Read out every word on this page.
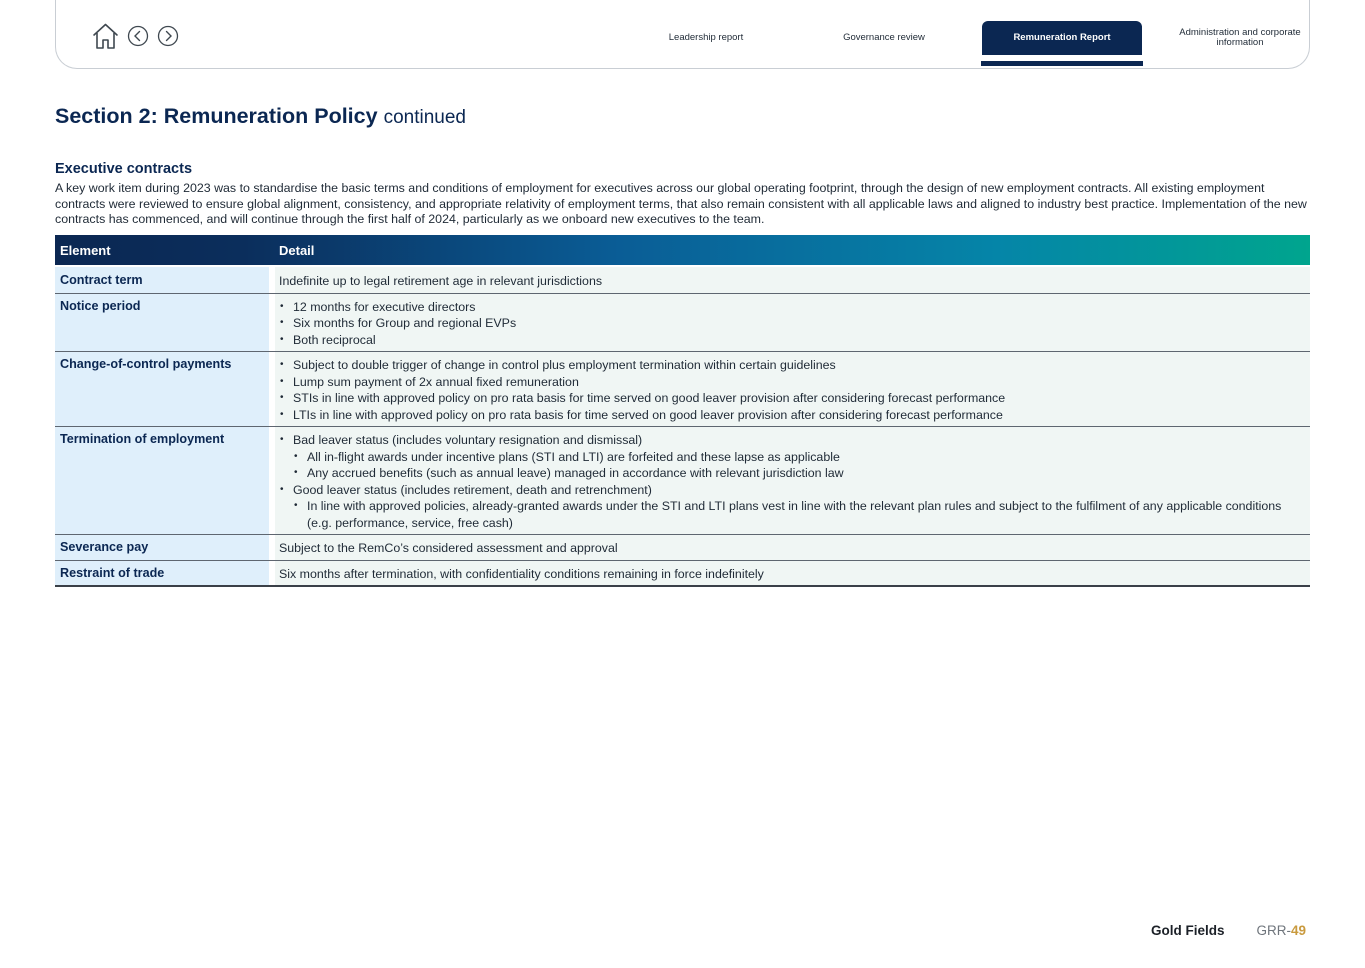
Leadership report	Governance review	Remuneration Report	Administration and corporate information
Section 2: Remuneration Policy continued
Executive contracts

A key work item during 2023 was to standardise the basic terms and conditions of employment for executives across our global operating footprint, through the design of new employment contracts. All existing employment contracts were reviewed to ensure global alignment, consistency, and appropriate relativity of employment terms, that also remain consistent with all applicable laws and aligned to industry best practice. Implementation of the new contracts has commenced, and will continue through the first half of 2024, particularly as we onboard new executives to the team.

Element	Detail
Contract term	Indefinite up to legal retirement age in relevant jurisdictions
Notice period	• 12 months for executive directors
• Six months for Group and regional EVPs
• Both reciprocal
Change-of-control payments	• Subject to double trigger of change in control plus employment termination within certain guidelines
• Lump sum payment of 2x annual fixed remuneration
• STIs in line with approved policy on pro rata basis for time served on good leaver provision after considering forecast performance
• LTIs in line with approved policy on pro rata basis for time served on good leaver provision after considering forecast performance
Termination of employment	• Bad leaver status (includes voluntary resignation and dismissal)
• All in-flight awards under incentive plans (STI and LTI) are forfeited and these lapse as applicable
• Any accrued benefits (such as annual leave) managed in accordance with relevant jurisdiction law
• Good leaver status (includes retirement, death and retrenchment)
• In line with approved policies, already-granted awards under the STI and LTI plans vest in line with the relevant plan rules and subject to the fulfilment of any applicable conditions (e.g. performance, service, free cash)
Severance pay	Subject to the RemCo’s considered assessment and approval
Restraint of trade	Six months after termination, with confidentiality conditions remaining in force indefinitely
Gold Fields GRR-49
